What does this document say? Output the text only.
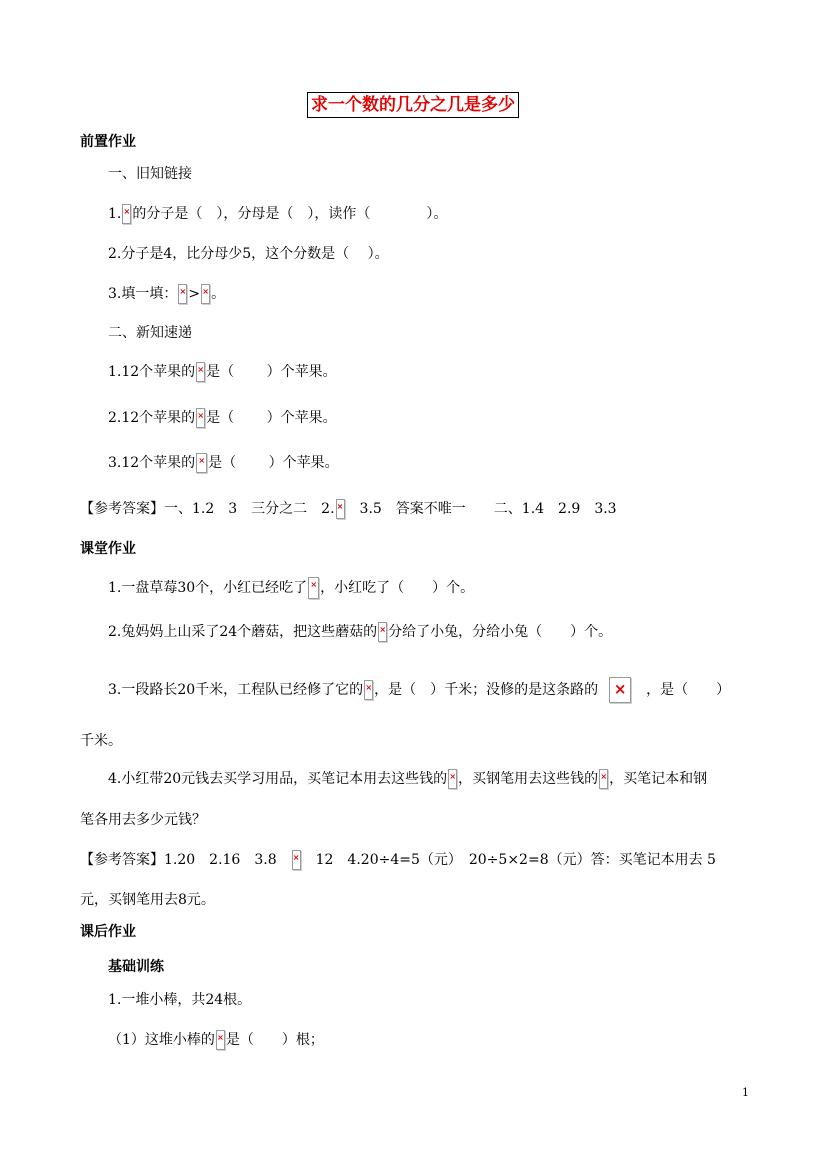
求一个数的几分之几是多少
前置作业
一、旧知链接
1. × 的分子是（　），分母是（　），读作（　　　　）。
2.分子是4，比分母少5，这个分数是（　 ）。
3.填一填： × > × 。
二、新知速递
1.12个苹果的 × 是（　　 ）个苹果。
2.12个苹果的 × 是（　　 ）个苹果。
3.12个苹果的 × 是（　　 ）个苹果。
【参考答案】一、1.2　3　三分之二　2.×　3.5　答案不唯一　　二、1.4　2.9　3.3
课堂作业
1.一盘草莓30个，小红已经吃了 × ，小红吃了（　　）个。
2.兔妈妈上山采了24个蘑菇，把这些蘑菇的 × 分给了小兔，分给小兔（　　）个。
3.一段路长20千米，工程队已经修了它的 × ，是（　）千米；没修的是这条路的 ×	，是（　　）
千米。
4.小红带20元钱去买学习用品，买笔记本用去这些钱的 × ，买钢笔用去这些钱的 × ，买笔记本和钢
笔各用去多少元钱？
【参考答案】1.20　2.16　3.8×　12　4.20÷4=5（元）　20÷5×2=8（元）答：买笔记本用去 5
元，买钢笔用去8元。
课后作业
基础训练
1.一堆小棒，共24根。
（1）这堆小棒的 × 是（　　）根；
1
